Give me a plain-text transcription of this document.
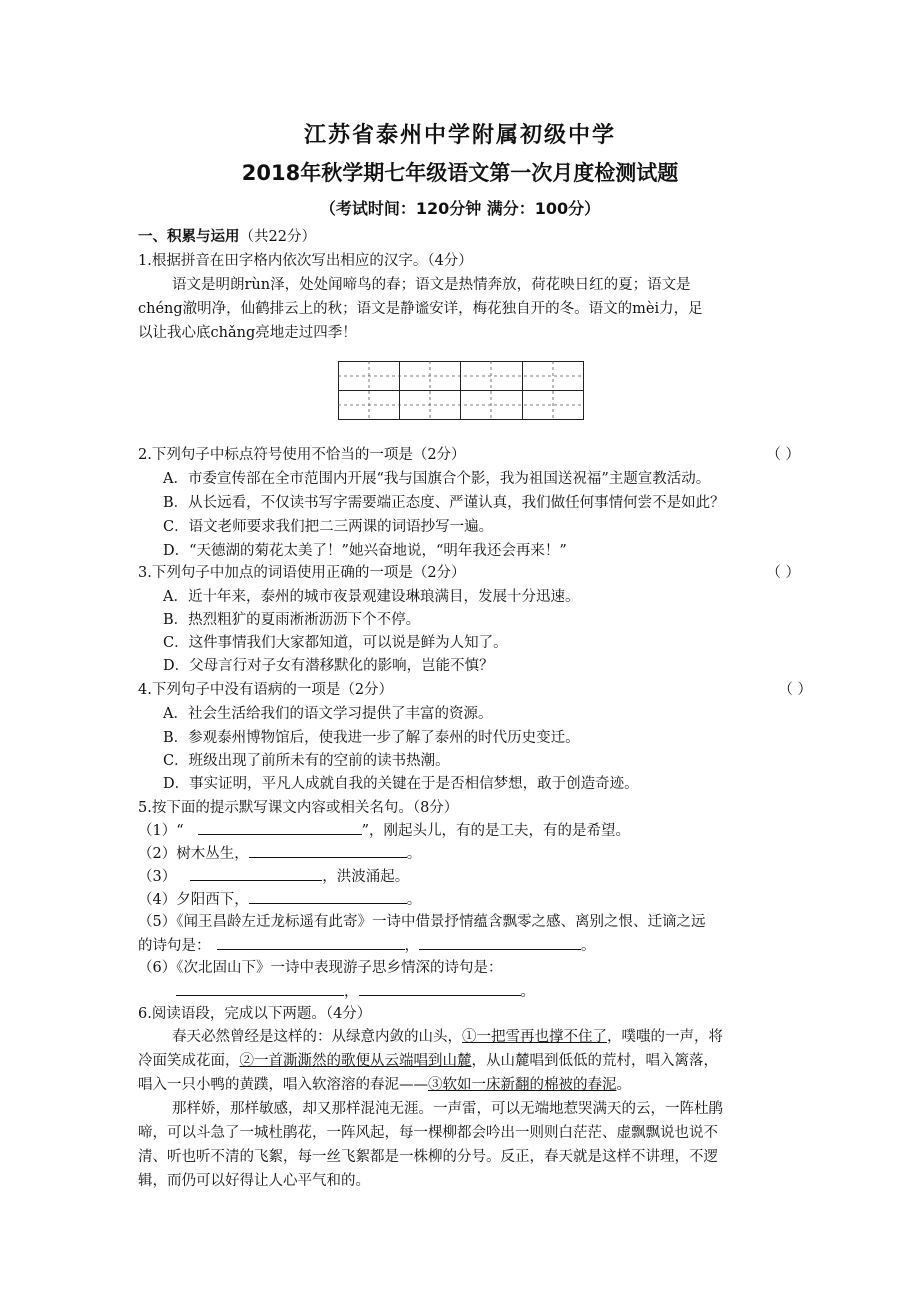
江苏省泰州中学附属初级中学
2018年秋学期七年级语文第一次月度检测试题
（考试时间：120分钟 满分：100分）
一、积累与运用（共22分）
1.根据拼音在田字格内依次写出相应的汉字。（4分）
语文是明朗rùn泽，处处闻啼鸟的春；语文是热情奔放，荷花映日红的夏；语文是
chéng澈明净，仙鹤排云上的秋；语文是静谧安详，梅花独自开的冬。语文的mèi力，足
以让我心底chǎng亮地走过四季！
2.下列句子中标点符号使用不恰当的一项是（2分）	（ ）
A．市委宣传部在全市范围内开展“我与国旗合个影，我为祖国送祝福”主题宣教活动。
B．从长远看，不仅读书写字需要端正态度、严谨认真，我们做任何事情何尝不是如此？
C．语文老师要求我们把二三两课的词语抄写一遍。
D．“天德湖的菊花太美了！”她兴奋地说，“明年我还会再来！”
3.下列句子中加点的词语使用正确的一项是（2分）	（ ）
A．近十年来，泰州的城市夜景观建设琳琅满目，发展十分迅速。
B．热烈粗犷的夏雨淅淅沥沥下个不停。
C．这件事情我们大家都知道，可以说是鲜为人知了。
D．父母言行对子女有潜移默化的影响，岂能不慎？
4.下列句子中没有语病的一项是（2分）	（ ）
A．社会生活给我们的语文学习提供了丰富的资源。
B．参观泰州博物馆后，使我进一步了解了泰州的时代历史变迁。
C．班级出现了前所未有的空前的读书热潮。
D．事实证明，平凡人成就自我的关键在于是否相信梦想，敢于创造奇迹。
5.按下面的提示默写课文内容或相关名句。（8分）
（1）“	”，刚起头儿，有的是工夫，有的是希望。
（2）树木丛生，	。
（3）	，洪波涌起。
（4）夕阳西下，	。
（5）《闻王昌龄左迁龙标遥有此寄》一诗中借景抒情蕴含飘零之感、离别之恨、迁谪之远
的诗句是：	，	。
（6）《次北固山下》一诗中表现游子思乡情深的诗句是：
，	。
6.阅读语段，完成以下两题。（4分）
春天必然曾经是这样的：从绿意内敛的山头，①一把雪再也撑不住了，噗嗤的一声，将
冷面笑成花面，②一首澌澌然的歌便从云端唱到山麓，从山麓唱到低低的荒村，唱入篱落，
唱入一只小鸭的黄蹼，唱入软溶溶的春泥——③软如一床新翻的棉被的春泥。
那样娇，那样敏感，却又那样混沌无涯。一声雷，可以无端地惹哭满天的云，一阵杜鹃
啼，可以斗急了一城杜鹃花，一阵风起，每一棵柳都会吟出一则则白茫茫、虚飘飘说也说不
清、听也听不清的飞絮，每一丝飞絮都是一株柳的分号。反正，春天就是这样不讲理，不逻
辑，而仍可以好得让人心平气和的。
